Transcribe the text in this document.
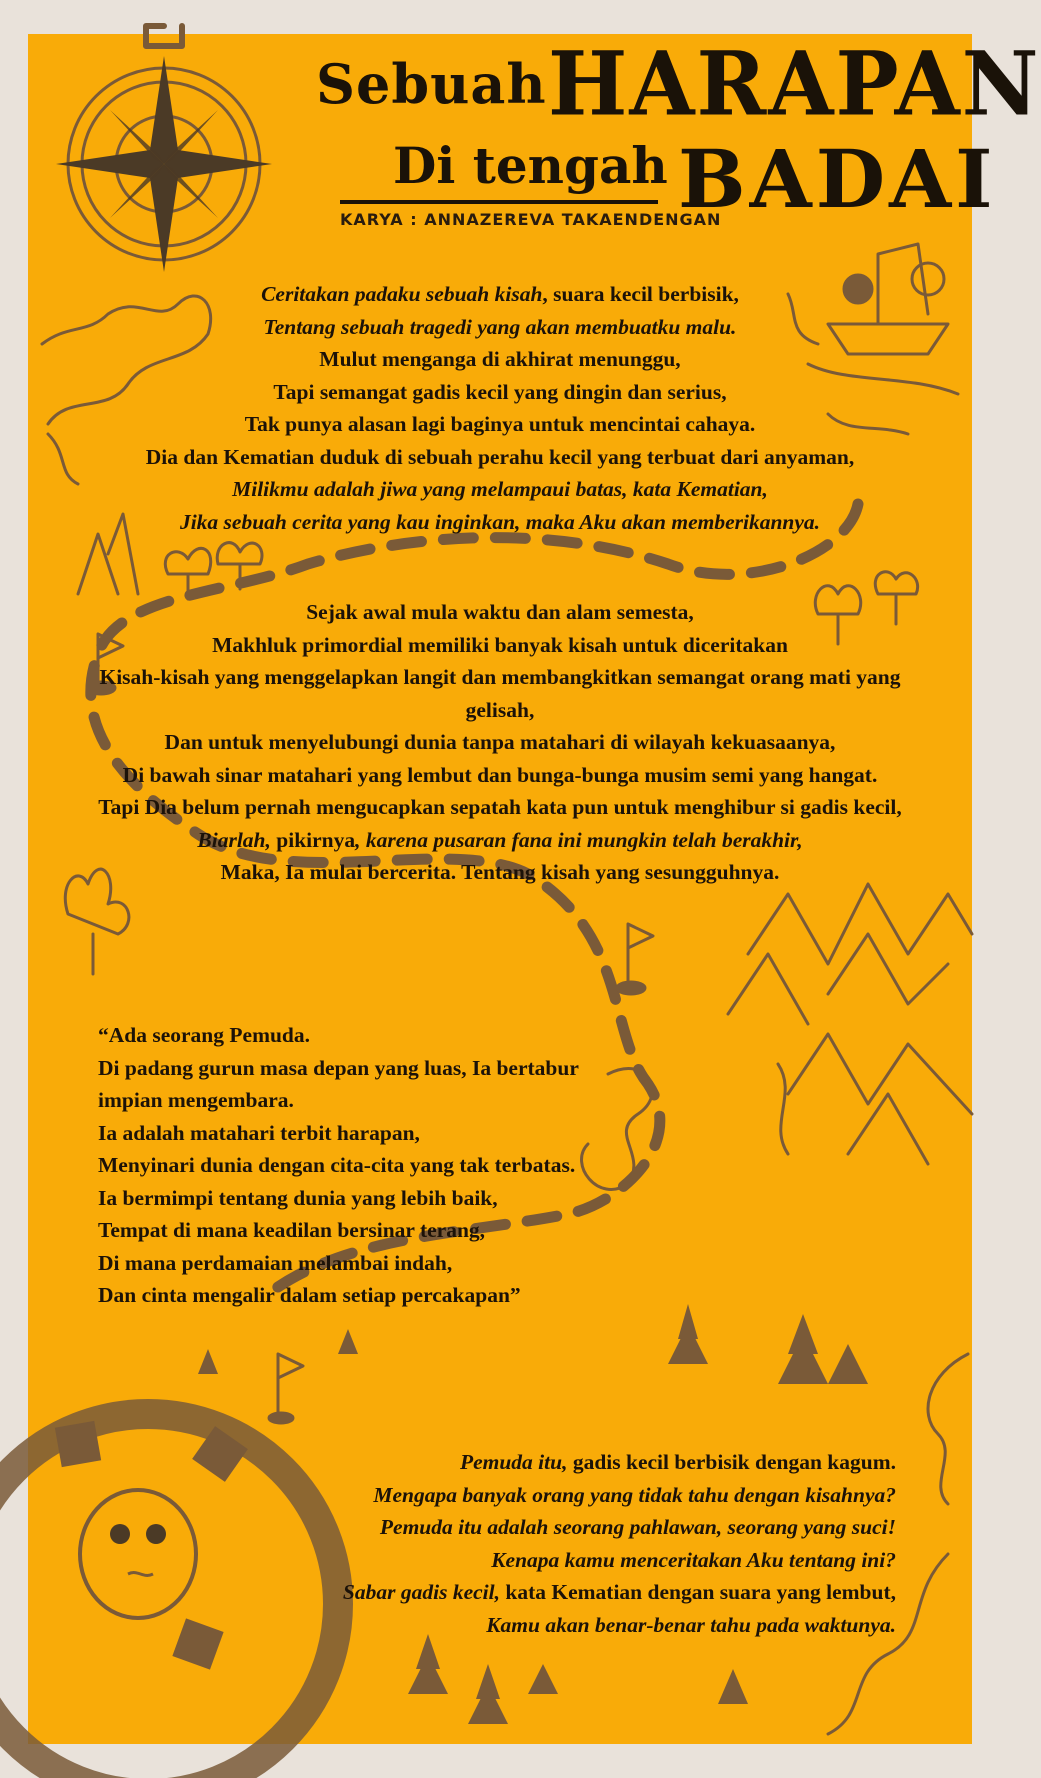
Sebuah HARAPAN
Di tengah BADAI
KARYA : ANNAZEREVA TAKAENDENGAN
Ceritakan padaku sebuah kisah, suara kecil berbisik,
Tentang sebuah tragedi yang akan membuatku malu.
Mulut menganga di akhirat menunggu,
Tapi semangat gadis kecil yang dingin dan serius,
Tak punya alasan lagi baginya untuk mencintai cahaya.
Dia dan Kematian duduk di sebuah perahu kecil yang terbuat dari anyaman,
Milikmu adalah jiwa yang melampaui batas, kata Kematian,
Jika sebuah cerita yang kau inginkan, maka Aku akan memberikannya.
Sejak awal mula waktu dan alam semesta,
Makhluk primordial memiliki banyak kisah untuk diceritakan
Kisah-kisah yang menggelapkan langit dan membangkitkan semangat orang mati yang gelisah,
Dan untuk menyelubungi dunia tanpa matahari di wilayah kekuasaanya,
Di bawah sinar matahari yang lembut dan bunga-bunga musim semi yang hangat.
Tapi Dia belum pernah mengucapkan sepatah kata pun untuk menghibur si gadis kecil,
Biarlah, pikirnya, karena pusaran fana ini mungkin telah berakhir,
Maka, Ia mulai bercerita. Tentang kisah yang sesungguhnya.
“Ada seorang Pemuda.
Di padang gurun masa depan yang luas, Ia bertabur impian mengembara.
Ia adalah matahari terbit harapan,
Menyinari dunia dengan cita-cita yang tak terbatas.
Ia bermimpi tentang dunia yang lebih baik,
Tempat di mana keadilan bersinar terang,
Di mana perdamaian melambai indah,
Dan cinta mengalir dalam setiap percakapan”
Pemuda itu, gadis kecil berbisik dengan kagum.
Mengapa banyak orang yang tidak tahu dengan kisahnya?
Pemuda itu adalah seorang pahlawan, seorang yang suci!
Kenapa kamu menceritakan Aku tentang ini?
Sabar gadis kecil, kata Kematian dengan suara yang lembut,
Kamu akan benar-benar tahu pada waktunya.
